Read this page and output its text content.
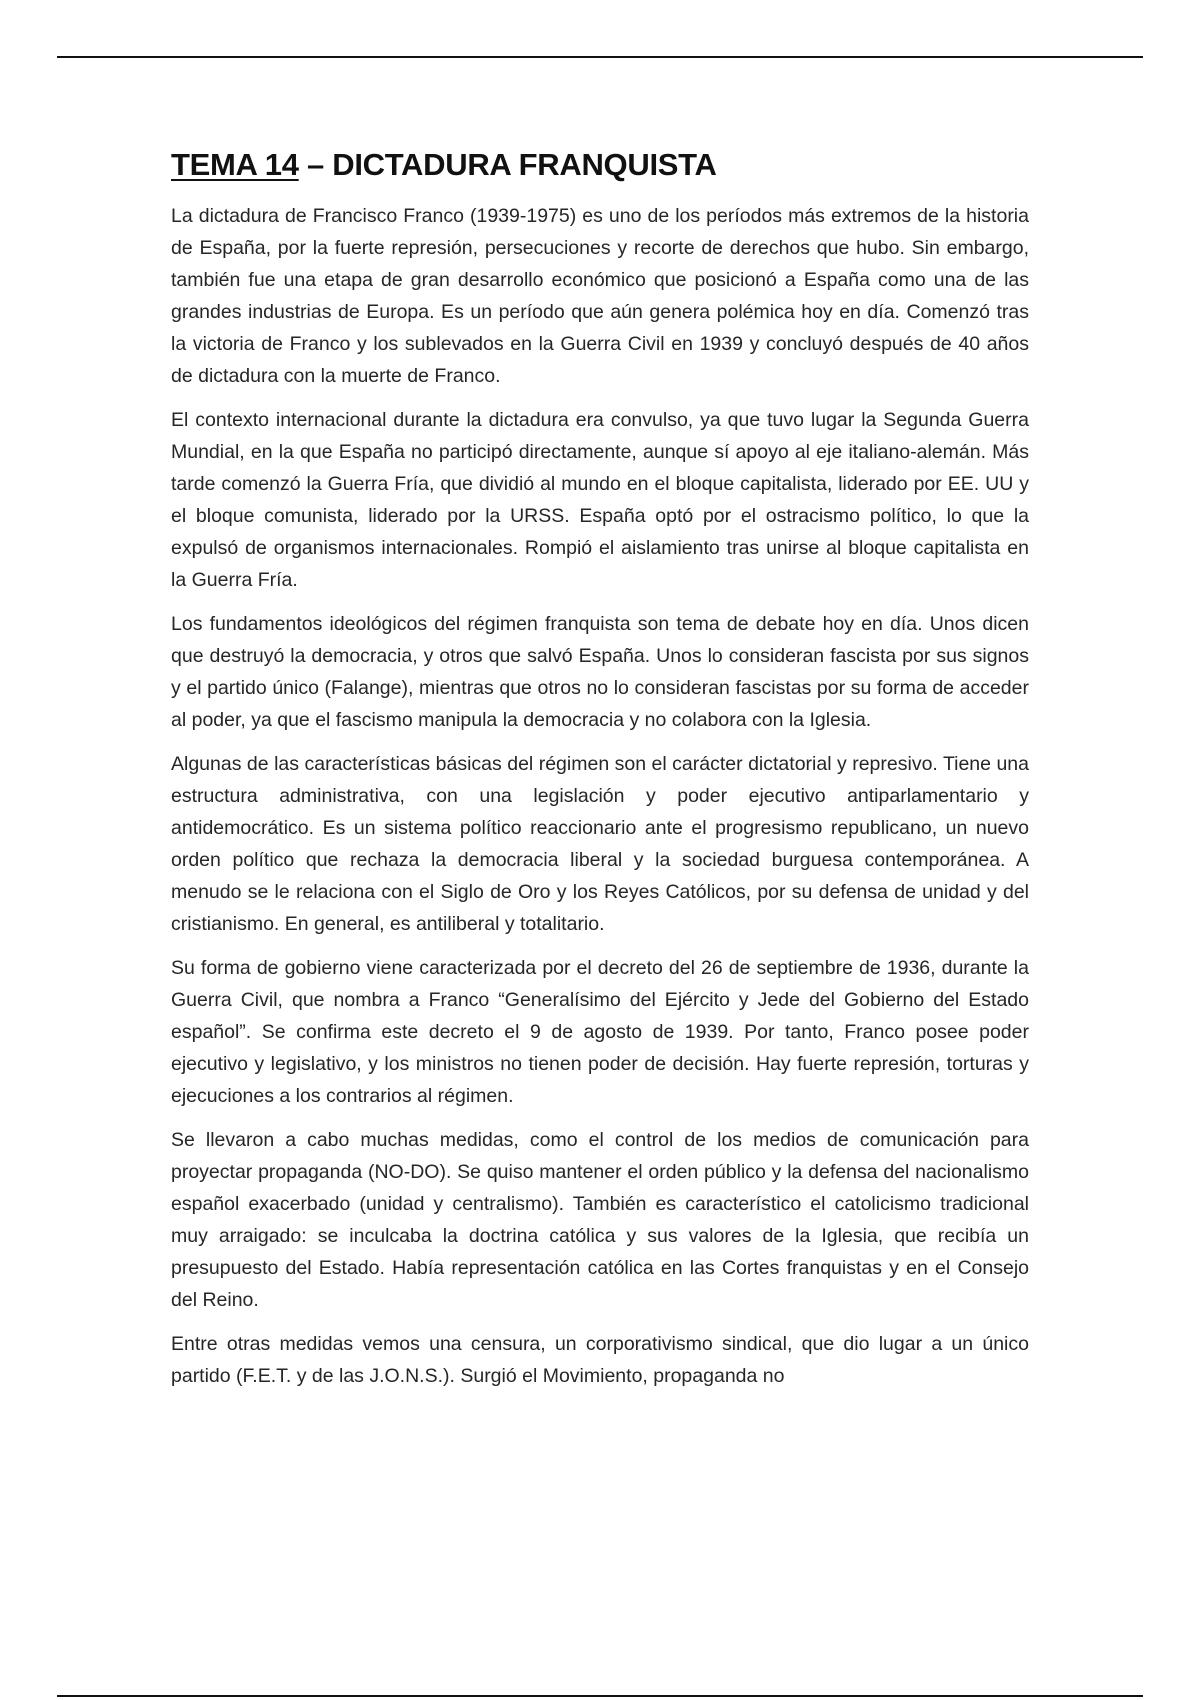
TEMA 14 – DICTADURA FRANQUISTA

La dictadura de Francisco Franco (1939-1975) es uno de los períodos más extremos de la historia de España, por la fuerte represión, persecuciones y recorte de derechos que hubo. Sin embargo, también fue una etapa de gran desarrollo económico que posicionó a España como una de las grandes industrias de Europa. Es un período que aún genera polémica hoy en día. Comenzó tras la victoria de Franco y los sublevados en la Guerra Civil en 1939 y concluyó después de 40 años de dictadura con la muerte de Franco.

El contexto internacional durante la dictadura era convulso, ya que tuvo lugar la Segunda Guerra Mundial, en la que España no participó directamente, aunque sí apoyo al eje italiano-alemán. Más tarde comenzó la Guerra Fría, que dividió al mundo en el bloque capitalista, liderado por EE. UU y el bloque comunista, liderado por la URSS. España optó por el ostracismo político, lo que la expulsó de organismos internacionales. Rompió el aislamiento tras unirse al bloque capitalista en la Guerra Fría.

Los fundamentos ideológicos del régimen franquista son tema de debate hoy en día. Unos dicen que destruyó la democracia, y otros que salvó España. Unos lo consideran fascista por sus signos y el partido único (Falange), mientras que otros no lo consideran fascistas por su forma de acceder al poder, ya que el fascismo manipula la democracia y no colabora con la Iglesia.

Algunas de las características básicas del régimen son el carácter dictatorial y represivo. Tiene una estructura administrativa, con una legislación y poder ejecutivo antiparlamentario y antidemocrático. Es un sistema político reaccionario ante el progresismo republicano, un nuevo orden político que rechaza la democracia liberal y la sociedad burguesa contemporánea. A menudo se le relaciona con el Siglo de Oro y los Reyes Católicos, por su defensa de unidad y del cristianismo. En general, es antiliberal y totalitario.

Su forma de gobierno viene caracterizada por el decreto del 26 de septiembre de 1936, durante la Guerra Civil, que nombra a Franco “Generalísimo del Ejército y Jede del Gobierno del Estado español”. Se confirma este decreto el 9 de agosto de 1939. Por tanto, Franco posee poder ejecutivo y legislativo, y los ministros no tienen poder de decisión. Hay fuerte represión, torturas y ejecuciones a los contrarios al régimen.

Se llevaron a cabo muchas medidas, como el control de los medios de comunicación para proyectar propaganda (NO-DO). Se quiso mantener el orden público y la defensa del nacionalismo español exacerbado (unidad y centralismo). También es característico el catolicismo tradicional muy arraigado: se inculcaba la doctrina católica y sus valores de la Iglesia, que recibía un presupuesto del Estado. Había representación católica en las Cortes franquistas y en el Consejo del Reino.

Entre otras medidas vemos una censura, un corporativismo sindical, que dio lugar a un único partido (F.E.T. y de las J.O.N.S.). Surgió el Movimiento, propaganda no
